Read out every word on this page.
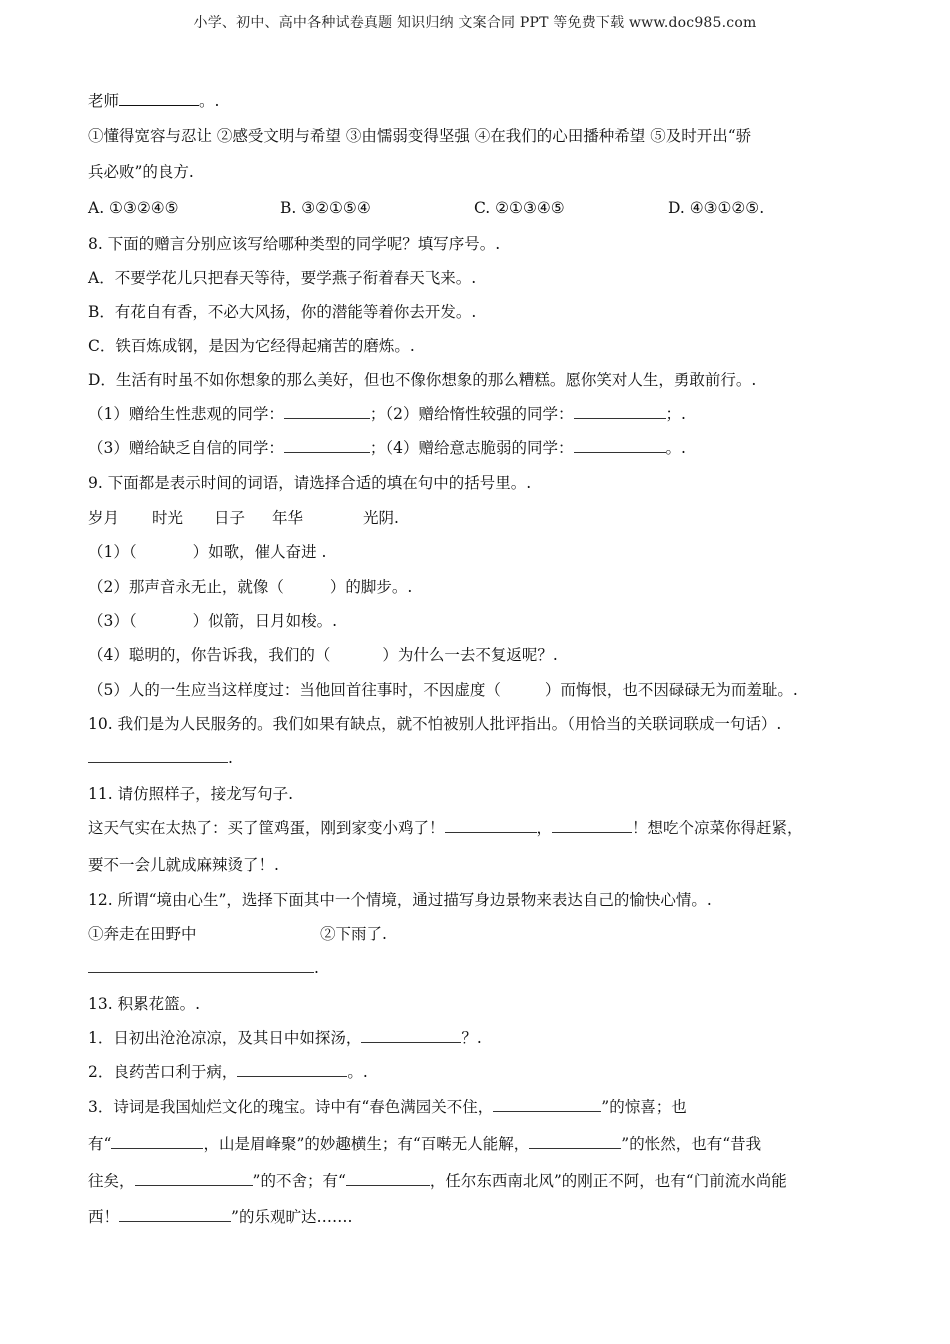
小学、初中、高中各种试卷真题 知识归纳 文案合同 PPT 等免费下载 www.doc985.com
老师	。.
①懂得宽容与忍让 ②感受文明与希望 ③由懦弱变得坚强 ④在我们的心田播种希望 ⑤及时开出“骄
兵必败”的良方.
A. ①③②④⑤	B. ③②①⑤④	C. ②①③④⑤	D. ④③①②⑤.
8. 下面的赠言分别应该写给哪种类型的同学呢？填写序号。.
A．不要学花儿只把春天等待，要学燕子衔着春天飞来。.
B．有花自有香，不必大风扬，你的潜能等着你去开发。.
C．铁百炼成钢，是因为它经得起痛苦的磨炼。.
D．生活有时虽不如你想象的那么美好，但也不像你想象的那么糟糕。愿你笑对人生，勇敢前行。.
（1）赠给生性悲观的同学：	；（2）赠给惰性较强的同学：	；.
（3）赠给缺乏自信的同学：	；（4）赠给意志脆弱的同学：	。.
9. 下面都是表示时间的词语，请选择合适的填在句中的括号里。.
岁月 时光 日子 年华	光阴.
（1）（	）如歌，催人奋进 .
（2）那声音永无止，就像（	）的脚步。.
（3）（	）似箭，日月如梭。.
（4）聪明的，你告诉我，我们的（	）为什么一去不复返呢？.
（5）人的一生应当这样度过：当他回首往事时，不因虚度（	）而悔恨，也不因碌碌无为而羞耻。.
10. 我们是为人民服务的。我们如果有缺点，就不怕被别人批评指出。（用恰当的关联词联成一句话）.
.
11. 请仿照样子，接龙写句子.
这天气实在太热了：买了筐鸡蛋，刚到家变小鸡了！	，	！想吃个凉菜你得赶紧，
要不一会儿就成麻辣烫了！.
12. 所谓“境由心生”，选择下面其中一个情境，通过描写身边景物来表达自己的愉快心情。.
①奔走在田野中	②下雨了.
.
13. 积累花篮。.
1．日初出沧沧凉凉，及其日中如探汤，	？.
2．良药苦口利于病，	。.
3．诗词是我国灿烂文化的瑰宝。诗中有“春色满园关不住，	”的惊喜；也
有“	，山是眉峰聚”的妙趣横生；有“百啭无人能解，	”的怅然，也有“昔我
往矣，	”的不舍；有“	，任尔东西南北风”的刚正不阿，也有“门前流水尚能
西！	”的乐观旷达…….
